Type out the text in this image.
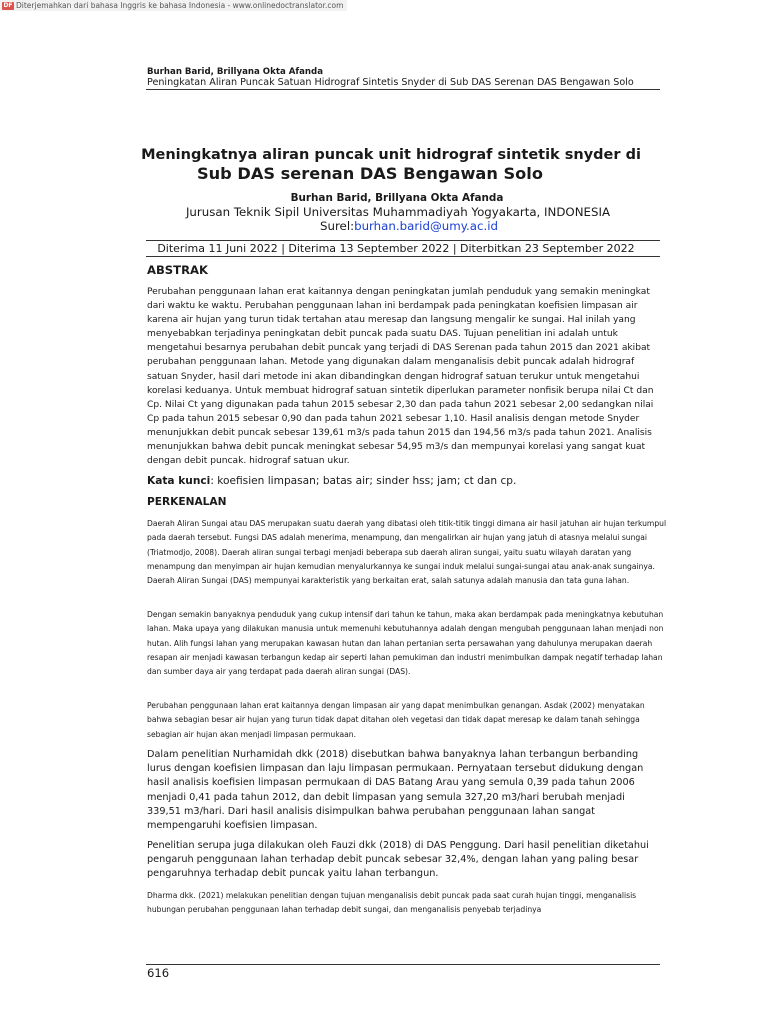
DF Diterjemahkan dari bahasa Inggris ke bahasa Indonesia - www.onlinedoctranslator.com
Burhan Barid, Brillyana Okta Afanda
Peningkatan Aliran Puncak Satuan Hidrograf Sintetis Snyder di Sub DAS Serenan DAS Bengawan Solo
Meningkatnya aliran puncak unit hidrograf sintetik snyder di
Sub DAS serenan DAS Bengawan Solo
Burhan Barid, Brillyana Okta Afanda
Jurusan Teknik Sipil Universitas Muhammadiyah Yogyakarta, INDONESIA
Surel:burhan.barid@umy.ac.id
Diterima 11 Juni 2022 | Diterima 13 September 2022 | Diterbitkan 23 September 2022
ABSTRAK

Perubahan penggunaan lahan erat kaitannya dengan peningkatan jumlah penduduk yang semakin meningkat dari waktu ke waktu. Perubahan penggunaan lahan ini berdampak pada peningkatan koefisien limpasan air karena air hujan yang turun tidak tertahan atau meresap dan langsung mengalir ke sungai. Hal inilah yang menyebabkan terjadinya peningkatan debit puncak pada suatu DAS. Tujuan penelitian ini adalah untuk mengetahui besarnya perubahan debit puncak yang terjadi di DAS Serenan pada tahun 2015 dan 2021 akibat perubahan penggunaan lahan. Metode yang digunakan dalam menganalisis debit puncak adalah hidrograf satuan Snyder, hasil dari metode ini akan dibandingkan dengan hidrograf satuan terukur untuk mengetahui korelasi keduanya. Untuk membuat hidrograf satuan sintetik diperlukan parameter nonfisik berupa nilai Ct dan Cp. Nilai Ct yang digunakan pada tahun 2015 sebesar 2,30 dan pada tahun 2021 sebesar 2,00 sedangkan nilai Cp pada tahun 2015 sebesar 0,90 dan pada tahun 2021 sebesar 1,10. Hasil analisis dengan metode Snyder menunjukkan debit puncak sebesar 139,61 m3/s pada tahun 2015 dan 194,56 m3/s pada tahun 2021. Analisis menunjukkan bahwa debit puncak meningkat sebesar 54,95 m3/s dan mempunyai korelasi yang sangat kuat dengan debit puncak. hidrograf satuan ukur.

Kata kunci: koefisien limpasan; batas air; sinder hss; jam; ct dan cp.

PERKENALAN

Daerah Aliran Sungai atau DAS merupakan suatu daerah yang dibatasi oleh titik-titik tinggi dimana air hasil jatuhan air hujan terkumpul pada daerah tersebut. Fungsi DAS adalah menerima, menampung, dan mengalirkan air hujan yang jatuh di atasnya melalui sungai (Triatmodjo, 2008). Daerah aliran sungai terbagi menjadi beberapa sub daerah aliran sungai, yaitu suatu wilayah daratan yang menampung dan menyimpan air hujan kemudian menyalurkannya ke sungai induk melalui sungai-sungai atau anak-anak sungainya. Daerah Aliran Sungai (DAS) mempunyai karakteristik yang berkaitan erat, salah satunya adalah manusia dan tata guna lahan.

Dengan semakin banyaknya penduduk yang cukup intensif dari tahun ke tahun, maka akan berdampak pada meningkatnya kebutuhan lahan. Maka upaya yang dilakukan manusia untuk memenuhi kebutuhannya adalah dengan mengubah penggunaan lahan menjadi non hutan. Alih fungsi lahan yang merupakan kawasan hutan dan lahan pertanian serta persawahan yang dahulunya merupakan daerah resapan air menjadi kawasan terbangun kedap air seperti lahan pemukiman dan industri menimbulkan dampak negatif terhadap lahan dan sumber daya air yang terdapat pada daerah aliran sungai (DAS).

Perubahan penggunaan lahan erat kaitannya dengan limpasan air yang dapat menimbulkan genangan. Asdak (2002) menyatakan bahwa sebagian besar air hujan yang turun tidak dapat ditahan oleh vegetasi dan tidak dapat meresap ke dalam tanah sehingga sebagian air hujan akan menjadi limpasan permukaan.

Dalam penelitian Nurhamidah dkk (2018) disebutkan bahwa banyaknya lahan terbangun berbanding lurus dengan koefisien limpasan dan laju limpasan permukaan. Pernyataan tersebut didukung dengan hasil analisis koefisien limpasan permukaan di DAS Batang Arau yang semula 0,39 pada tahun 2006 menjadi 0,41 pada tahun 2012, dan debit limpasan yang semula 327,20 m3/hari berubah menjadi 339,51 m3/hari. Dari hasil analisis disimpulkan bahwa perubahan penggunaan lahan sangat mempengaruhi koefisien limpasan.

Penelitian serupa juga dilakukan oleh Fauzi dkk (2018) di DAS Penggung. Dari hasil penelitian diketahui pengaruh penggunaan lahan terhadap debit puncak sebesar 32,4%, dengan lahan yang paling besar pengaruhnya terhadap debit puncak yaitu lahan terbangun.

Dharma dkk. (2021) melakukan penelitian dengan tujuan menganalisis debit puncak pada saat curah hujan tinggi, menganalisis hubungan perubahan penggunaan lahan terhadap debit sungai, dan menganalisis penyebab terjadinya

616
